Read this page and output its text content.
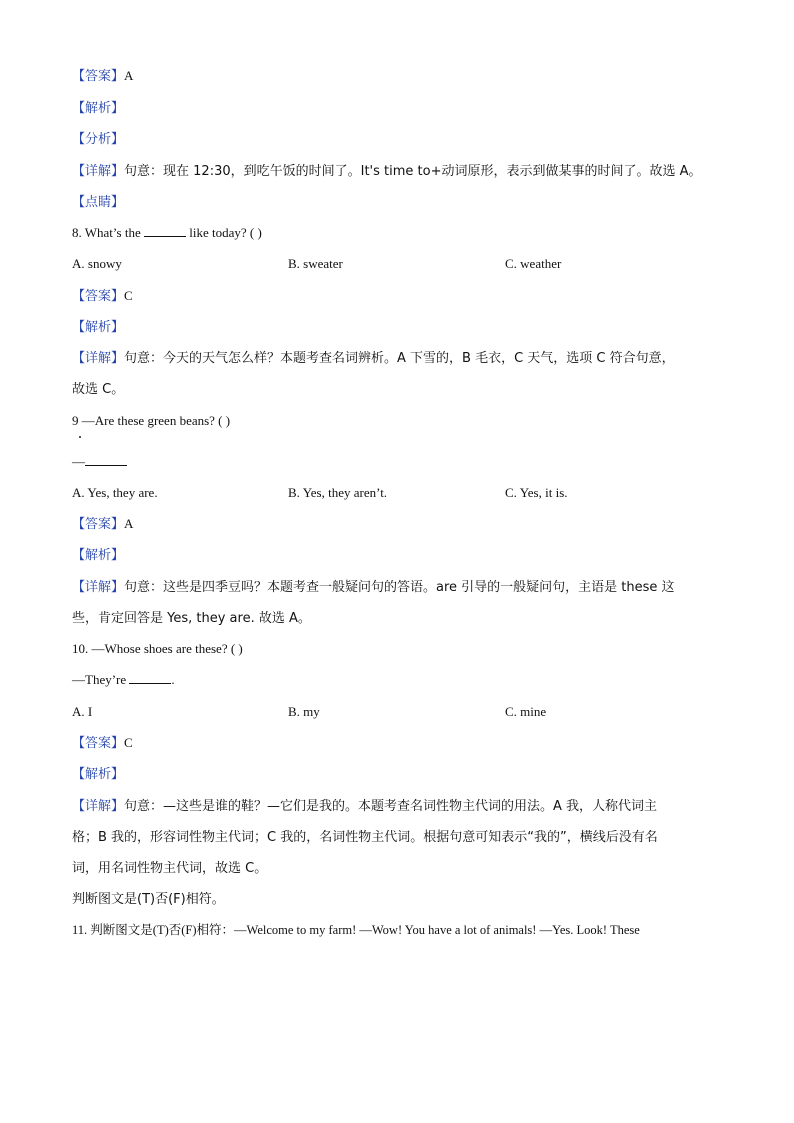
【答案】A
【解析】
【分析】
【详解】句意：现在 12:30，到吃午饭的时间了。It's time to+动词原形，表示到做某事的时间了。故选 A。
【点睛】
8. What’s the	like today? ( )
A. snowy	B. sweater	C. weather
【答案】C
【解析】
【详解】句意：今天的天气怎么样？本题考查名词辨析。A 下雪的，B 毛衣，C 天气，选项 C 符合句意，
故选 C。
9 —Are these green beans? ( )
—
A. Yes, they are.	B. Yes, they aren’t.	C. Yes, it is.
【答案】A
【解析】
【详解】句意：这些是四季豆吗？本题考查一般疑问句的答语。are 引导的一般疑问句，主语是 these 这
些，肯定回答是 Yes, they are. 故选 A。
10. —Whose shoes are these? ( )
—They’re	.
A. I	B. my	C. mine
【答案】C
【解析】
【详解】句意：—这些是谁的鞋？—它们是我的。本题考查名词性物主代词的用法。A 我，人称代词主
格；B 我的，形容词性物主代词；C 我的，名词性物主代词。根据句意可知表示“我的”，横线后没有名
词，用名词性物主代词，故选 C。
判断图文是(T)否(F)相符。
11. 判断图文是(T)否(F)相符：—Welcome to my farm! —Wow! You have a lot of animals! —Yes. Look! These
